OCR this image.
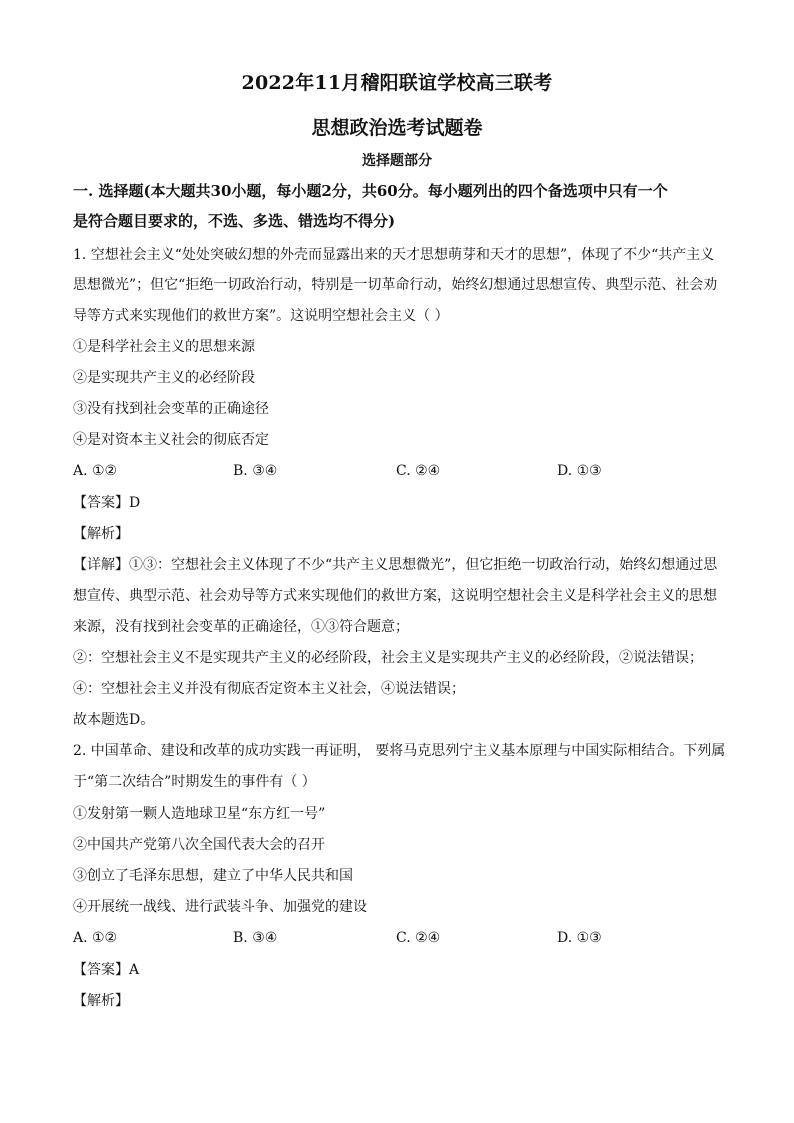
2022年11月稽阳联谊学校高三联考
思想政治选考试题卷
选择题部分
一. 选择题(本大题共30小题，每小题2分，共60分。每小题列出的四个备选项中只有一个
是符合题目要求的，不选、多选、错选均不得分)
1. 空想社会主义“处处突破幻想的外壳而显露出来的天才思想萌芽和天才的思想”，体现了不少“共产主义
思想微光”；但它“拒绝一切政治行动，特别是一切革命行动，始终幻想通过思想宣传、典型示范、社会劝
导等方式来实现他们的救世方案”。这说明空想社会主义（ ）
①是科学社会主义的思想来源
②是实现共产主义的必经阶段
③没有找到社会变革的正确途径
④是对资本主义社会的彻底否定
A. ①②	B. ③④	C. ②④	D. ①③
【答案】D
【解析】
【详解】①③：空想社会主义体现了不少“共产主义思想微光”，但它拒绝一切政治行动，始终幻想通过思
想宣传、典型示范、社会劝导等方式来实现他们的救世方案，这说明空想社会主义是科学社会主义的思想
来源，没有找到社会变革的正确途径，①③符合题意；
②：空想社会主义不是实现共产主义的必经阶段，社会主义是实现共产主义的必经阶段，②说法错误；
④：空想社会主义并没有彻底否定资本主义社会，④说法错误；
故本题选D。
2. 中国革命、建设和改革的成功实践一再证明， 要将马克思列宁主义基本原理与中国实际相结合。下列属
于“第二次结合”时期发生的事件有（ ）
①发射第一颗人造地球卫星“东方红一号”
②中国共产党第八次全国代表大会的召开
③创立了毛泽东思想，建立了中华人民共和国
④开展统一战线、进行武装斗争、加强党的建设
A. ①②	B. ③④	C. ②④	D. ①③
【答案】A
【解析】
